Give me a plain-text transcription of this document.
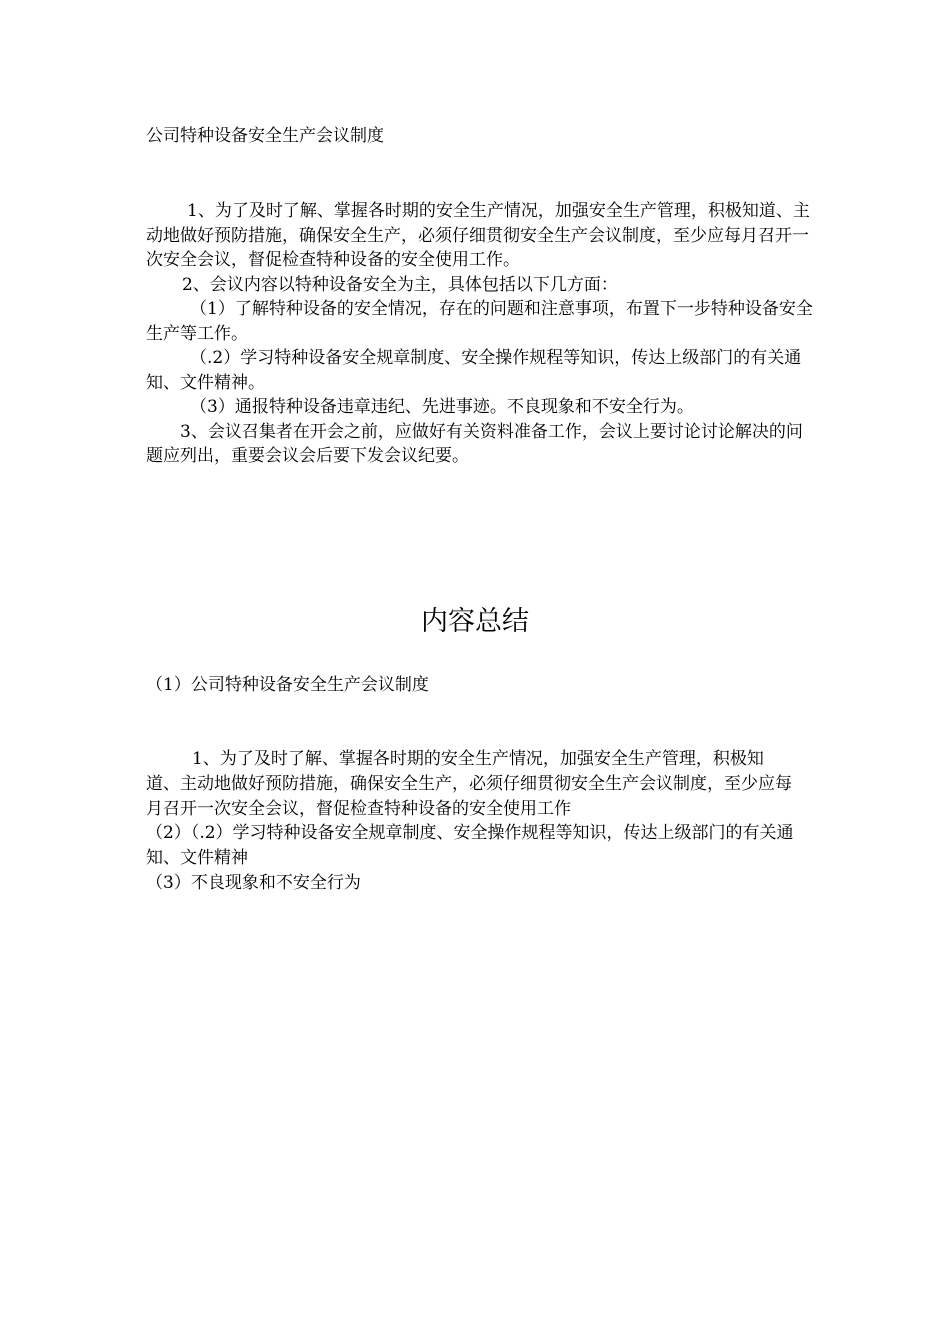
公司特种设备安全生产会议制度

1、为了及时了解、掌握各时期的安全生产情况，加强安全生产管理，积极知道、主动地做好预防措施，确保安全生产，必须仔细贯彻安全生产会议制度，至少应每月召开一次安全会议，督促检查特种设备的安全使用工作。

2、会议内容以特种设备安全为主，具体包括以下几方面：

（1）了解特种设备的安全情况，存在的问题和注意事项，布置下一步特种设备安全生产等工作。

（.2）学习特种设备安全规章制度、安全操作规程等知识，传达上级部门的有关通知、文件精神。

（3）通报特种设备违章违纪、先进事迹。不良现象和不安全行为。

3、会议召集者在开会之前，应做好有关资料准备工作，会议上要讨论讨论解决的问题应列出，重要会议会后要下发会议纪要。

内容总结
（1）公司特种设备安全生产会议制度

1、为了及时了解、掌握各时期的安全生产情况，加强安全生产管理，积极知道、主动地做好预防措施，确保安全生产，必须仔细贯彻安全生产会议制度，至少应每月召开一次安全会议，督促检查特种设备的安全使用工作

（2）（.2）学习特种设备安全规章制度、安全操作规程等知识，传达上级部门的有关通知、文件精神

（3）不良现象和不安全行为
